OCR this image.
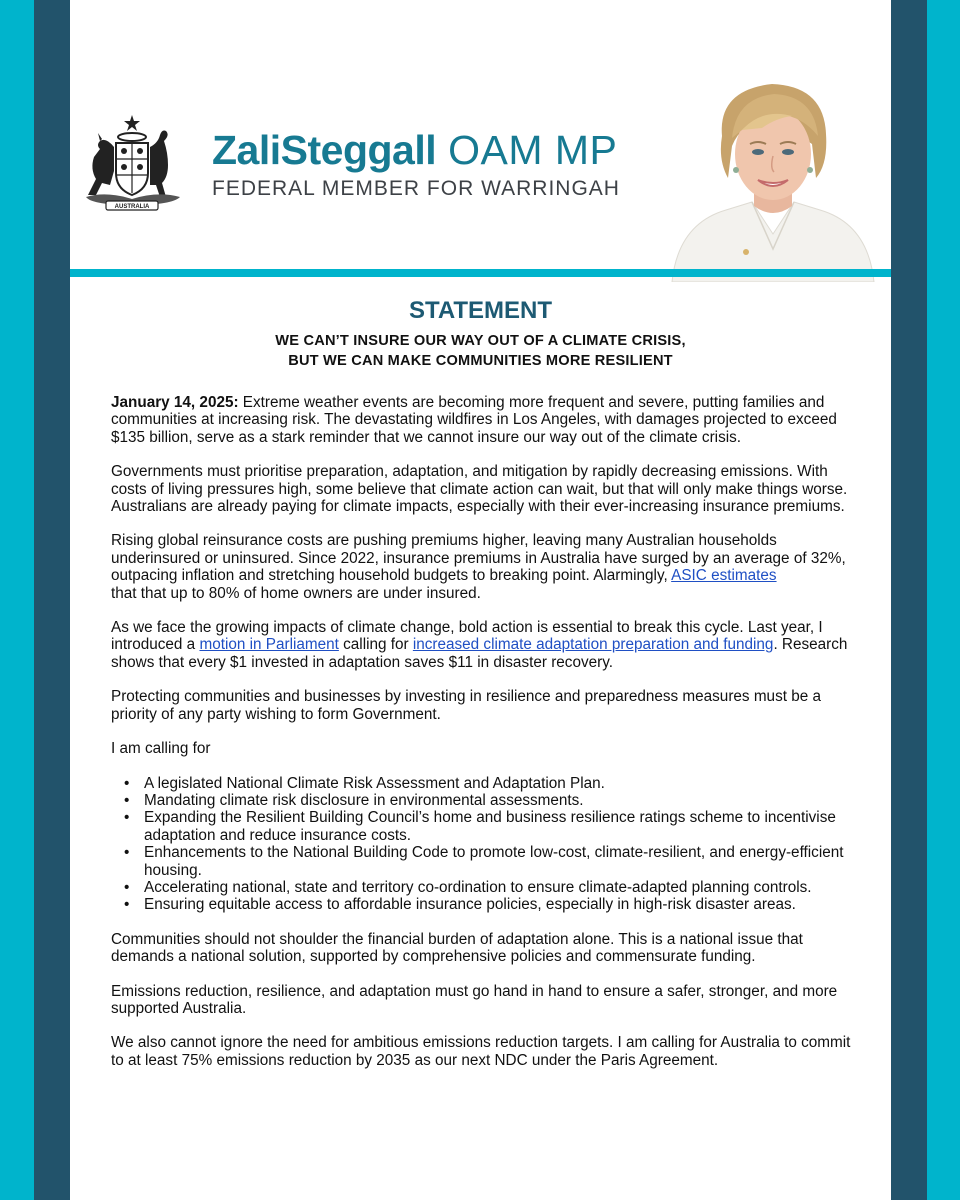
AUSTRALIA
ZaliSteggall OAM MP
FEDERAL MEMBER FOR WARRINGAH
STATEMENT
WE CAN’T INSURE OUR WAY OUT OF A CLIMATE CRISIS,
BUT WE CAN MAKE COMMUNITIES MORE RESILIENT

January 14, 2025: Extreme weather events are becoming more frequent and severe, putting families and communities at increasing risk. The devastating wildfires in Los Angeles, with damages projected to exceed $135 billion, serve as a stark reminder that we cannot insure our way out of the climate crisis.

Governments must prioritise preparation, adaptation, and mitigation by rapidly decreasing emissions. With costs of living pressures high, some believe that climate action can wait, but that will only make things worse. Australians are already paying for climate impacts, especially with their ever-increasing insurance premiums.

Rising global reinsurance costs are pushing premiums higher, leaving many Australian households underinsured or uninsured. Since 2022, insurance premiums in Australia have surged by an average of 32%, outpacing inflation and stretching household budgets to breaking point. Alarmingly, ASIC estimates
that that up to 80% of home owners are under insured.

As we face the growing impacts of climate change, bold action is essential to break this cycle. Last year, I introduced a motion in Parliament calling for increased climate adaptation preparation and funding. Research shows that every $1 invested in adaptation saves $11 in disaster recovery.

Protecting communities and businesses by investing in resilience and preparedness measures must be a priority of any party wishing to form Government.

I am calling for

• A legislated National Climate Risk Assessment and Adaptation Plan.
• Mandating climate risk disclosure in environmental assessments.
• Expanding the Resilient Building Council’s home and business resilience ratings scheme to incentivise adaptation and reduce insurance costs.
• Enhancements to the National Building Code to promote low-cost, climate-resilient, and energy-efficient housing.
• Accelerating national, state and territory co-ordination to ensure climate-adapted planning controls.
• Ensuring equitable access to affordable insurance policies, especially in high-risk disaster areas.

Communities should not shoulder the financial burden of adaptation alone. This is a national issue that demands a national solution, supported by comprehensive policies and commensurate funding.

Emissions reduction, resilience, and adaptation must go hand in hand to ensure a safer, stronger, and more supported Australia.

We also cannot ignore the need for ambitious emissions reduction targets. I am calling for Australia to commit to at least 75% emissions reduction by 2035 as our next NDC under the Paris Agreement.
